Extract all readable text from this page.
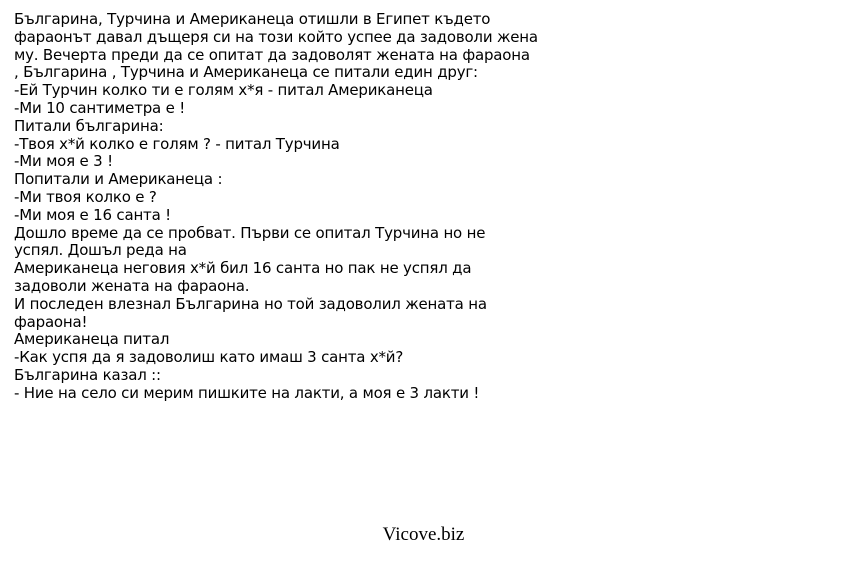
Българина, Турчина и Американеца отишли в Египет където
фараонът давал дъщеря си на този който успее да задоволи жена
му. Вечерта преди да се опитат да задоволят жената на фараона
, Българина , Турчина и Американеца се питали един друг:
-Ей Турчин колко ти е голям х*я - питал Американеца
-Ми 10 сантиметра е !
Питали българина:
-Твоя х*й колко е голям ? - питал Турчина
-Ми моя е 3 !
Попитали и Американеца :
-Ми твоя колко е ?
-Ми моя е 16 санта !
Дошло време да се пробват. Първи се опитал Турчина но не
успял. Дошъл реда на
Американеца неговия х*й бил 16 санта но пак не успял да
задоволи жената на фараона.
И последен влезнал Българина но той задоволил жената на
фараона!
Американеца питал
-Как успя да я задоволиш като имаш 3 санта х*й?
Българина казал ::
- Ние на село си мерим пишките на лакти, а моя е 3 лакти !
Vicove.biz
